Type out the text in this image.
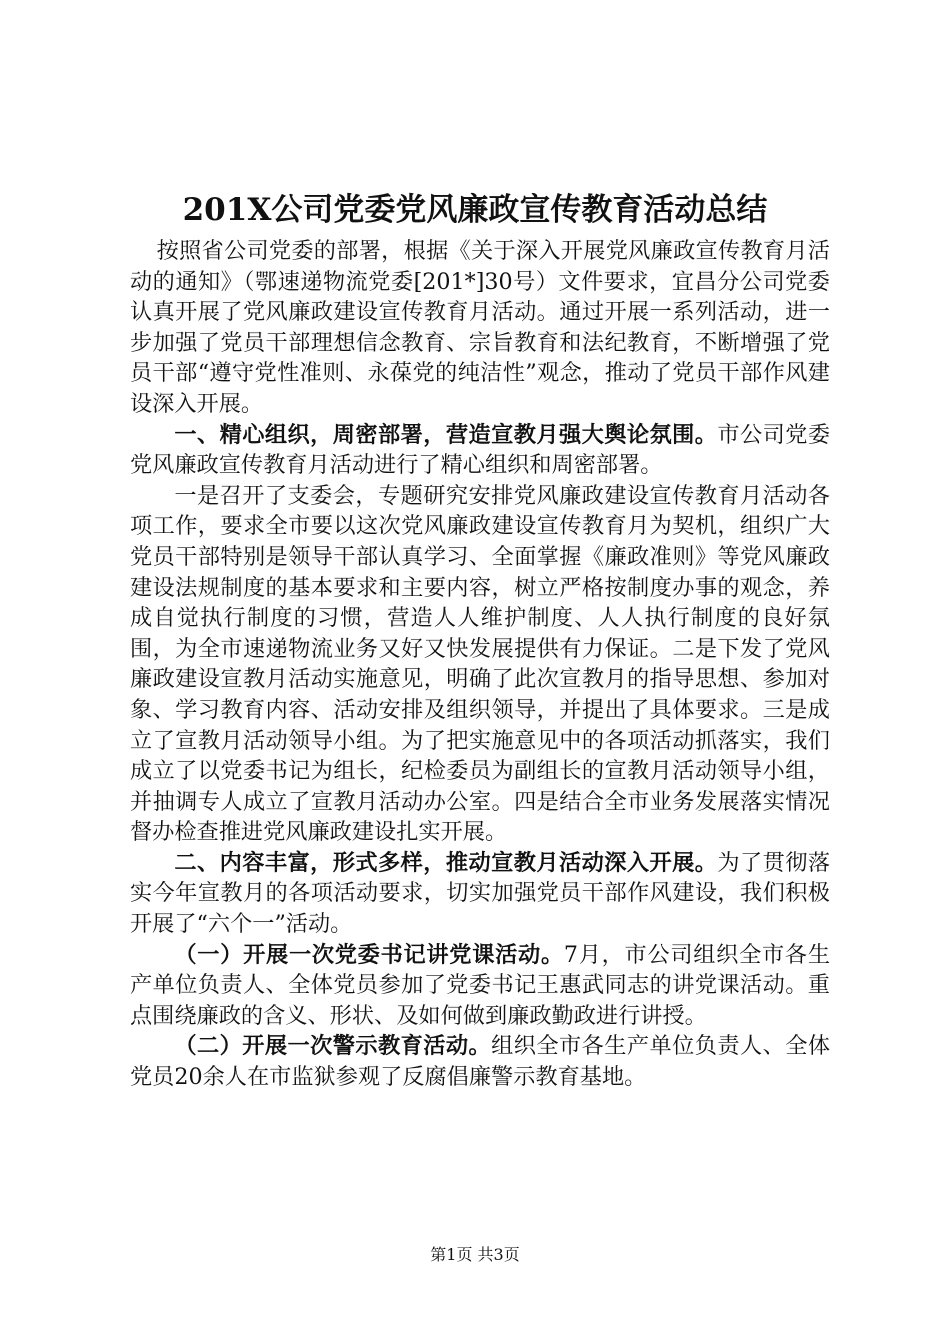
201X公司党委党风廉政宣传教育活动总结

按照省公司党委的部署，根据《关于深入开展党风廉政宣传教育月活动的通知》（鄂速递物流党委[201*]30号）文件要求，宜昌分公司党委认真开展了党风廉政建设宣传教育月活动。通过开展一系列活动，进一步加强了党员干部理想信念教育、宗旨教育和法纪教育，不断增强了党员干部“遵守党性准则、永葆党的纯洁性”观念，推动了党员干部作风建设深入开展。

一、精心组织，周密部署，营造宣教月强大舆论氛围。市公司党委党风廉政宣传教育月活动进行了精心组织和周密部署。

一是召开了支委会，专题研究安排党风廉政建设宣传教育月活动各项工作，要求全市要以这次党风廉政建设宣传教育月为契机，组织广大党员干部特别是领导干部认真学习、全面掌握《廉政准则》等党风廉政建设法规制度的基本要求和主要内容，树立严格按制度办事的观念，养成自觉执行制度的习惯，营造人人维护制度、人人执行制度的良好氛围，为全市速递物流业务又好又快发展提供有力保证。二是下发了党风廉政建设宣教月活动实施意见，明确了此次宣教月的指导思想、参加对象、学习教育内容、活动安排及组织领导，并提出了具体要求。三是成立了宣教月活动领导小组。为了把实施意见中的各项活动抓落实，我们成立了以党委书记为组长，纪检委员为副组长的宣教月活动领导小组，并抽调专人成立了宣教月活动办公室。四是结合全市业务发展落实情况督办检查推进党风廉政建设扎实开展。

二、内容丰富，形式多样，推动宣教月活动深入开展。为了贯彻落实今年宣教月的各项活动要求，切实加强党员干部作风建设，我们积极开展了“六个一”活动。

（一）开展一次党委书记讲党课活动。7月，市公司组织全市各生产单位负责人、全体党员参加了党委书记王惠武同志的讲党课活动。重点围绕廉政的含义、形状、及如何做到廉政勤政进行讲授。

（二）开展一次警示教育活动。组织全市各生产单位负责人、全体党员20余人在市监狱参观了反腐倡廉警示教育基地。

第1页 共3页
